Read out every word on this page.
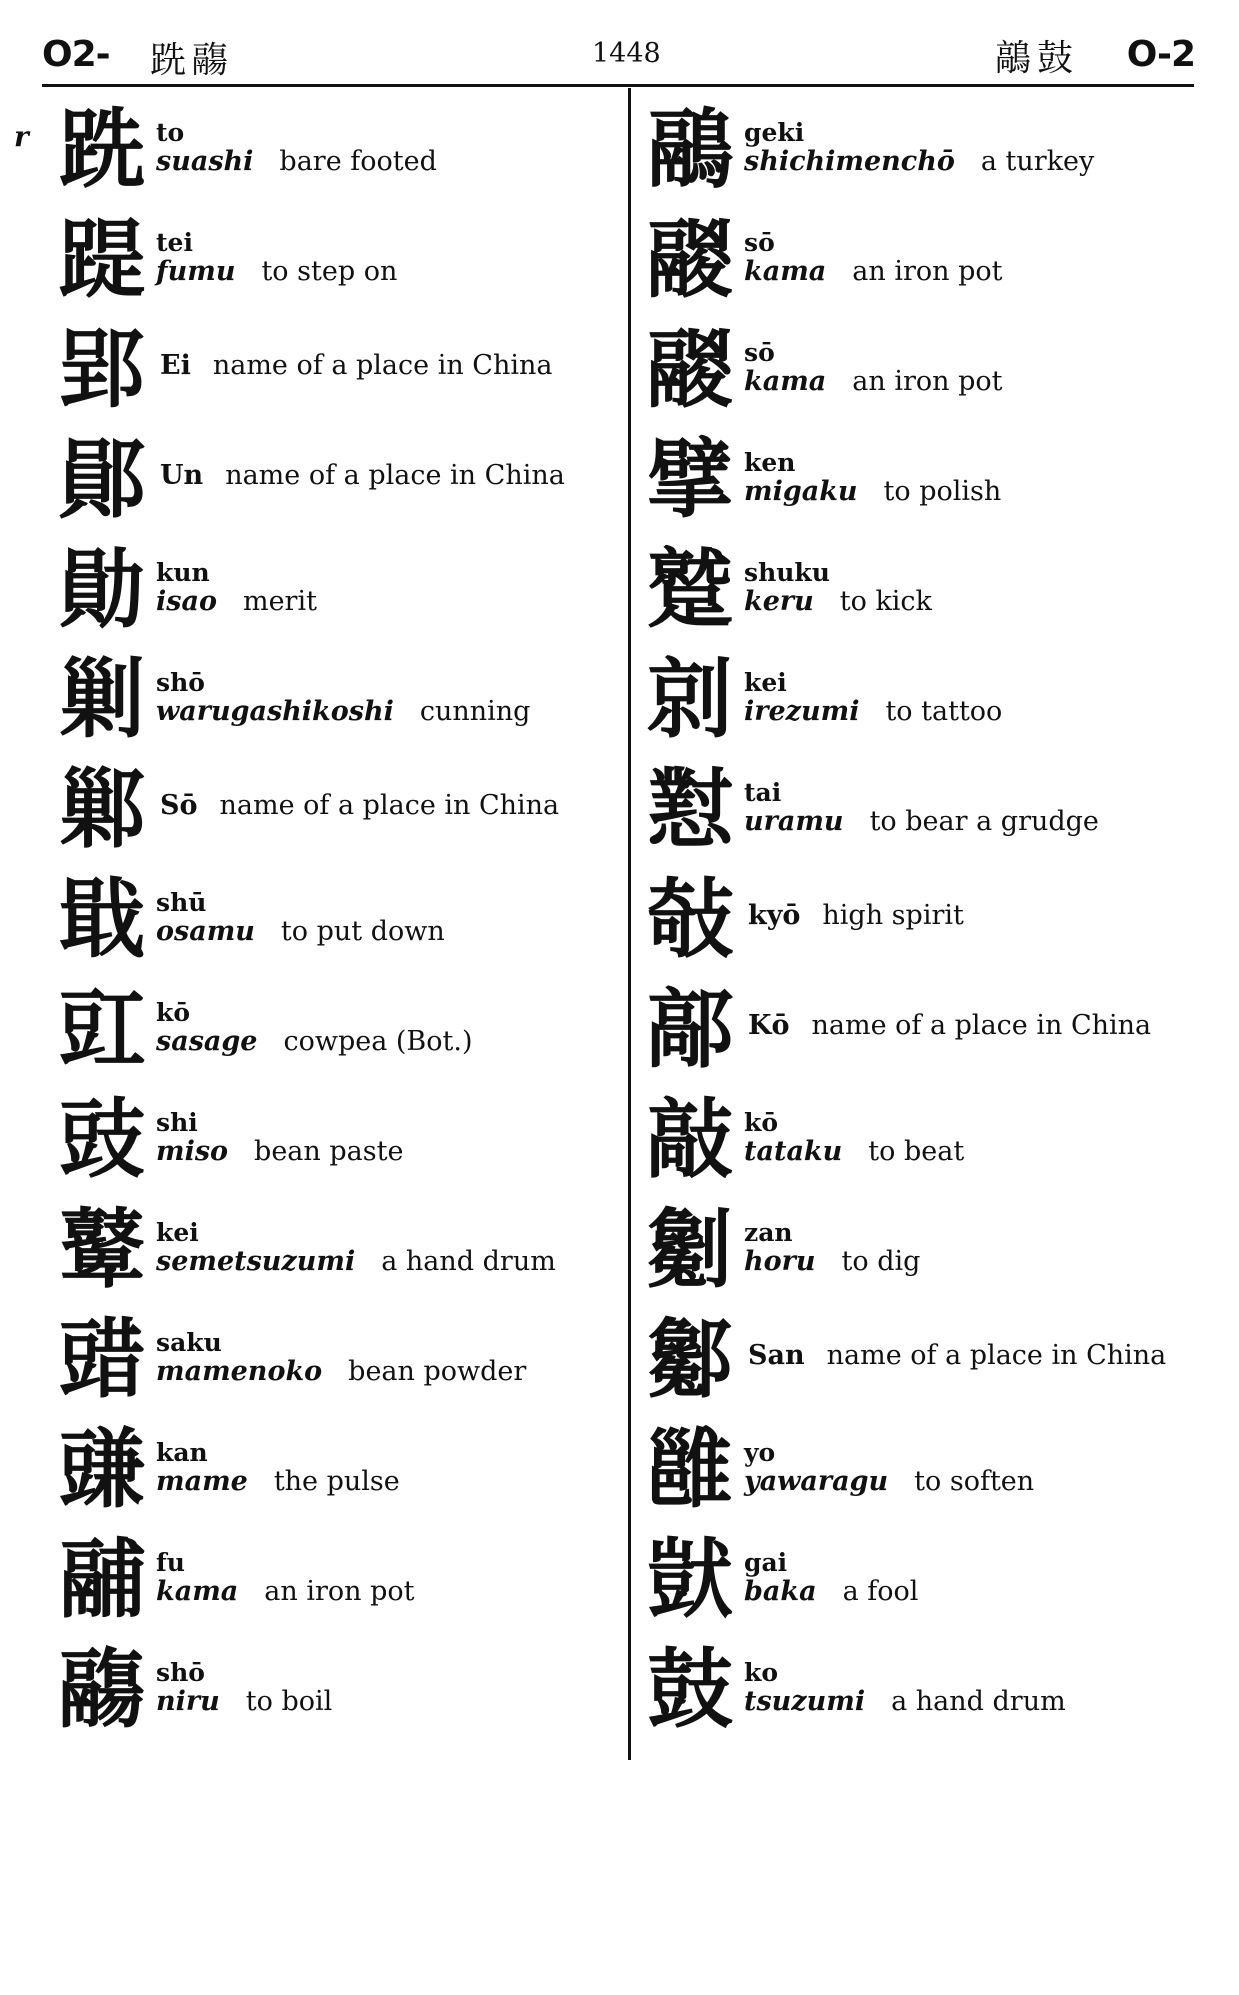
O2- 跣鬺	1448	鶮鼓 O-2
r 跣 to
suashi bare footed
踶 tei
fumu to step on
郢 Ei name of a place in China
鄖 Un name of a place in China
勛 kun
isao merit
剿 shō
warugashikoshi cunning
鄛 Sō name of a place in China
戢 shū
osamu to put down
豇 kō
sasage cowpea (Bot.)
豉 shi
miso bean paste
鼙 kei
semetsuzumi a hand drum
䜺 saku
mamenoko bean powder
豏 kan
mame the pulse
鬴 fu
kama an iron pot
鬺 shō
niru to boil
鷊 geki
shichimenchō a turkey
鬷 sō
kama an iron pot
鬷 sō
kama an iron pot
擘 ken
migaku to polish
蹵 shuku
keru to kick
剠 kei
irezumi to tattoo
懟 tai
uramu to bear a grudge
敧 kyō high spirit
鄗 Kō name of a place in China
敲 kō
tataku to beat
劖 zan
horu to dig
酁 San name of a place in China
雝 yo
yawaragu to soften
獃 gai
baka a fool
鼓 ko
tsuzumi a hand drum
